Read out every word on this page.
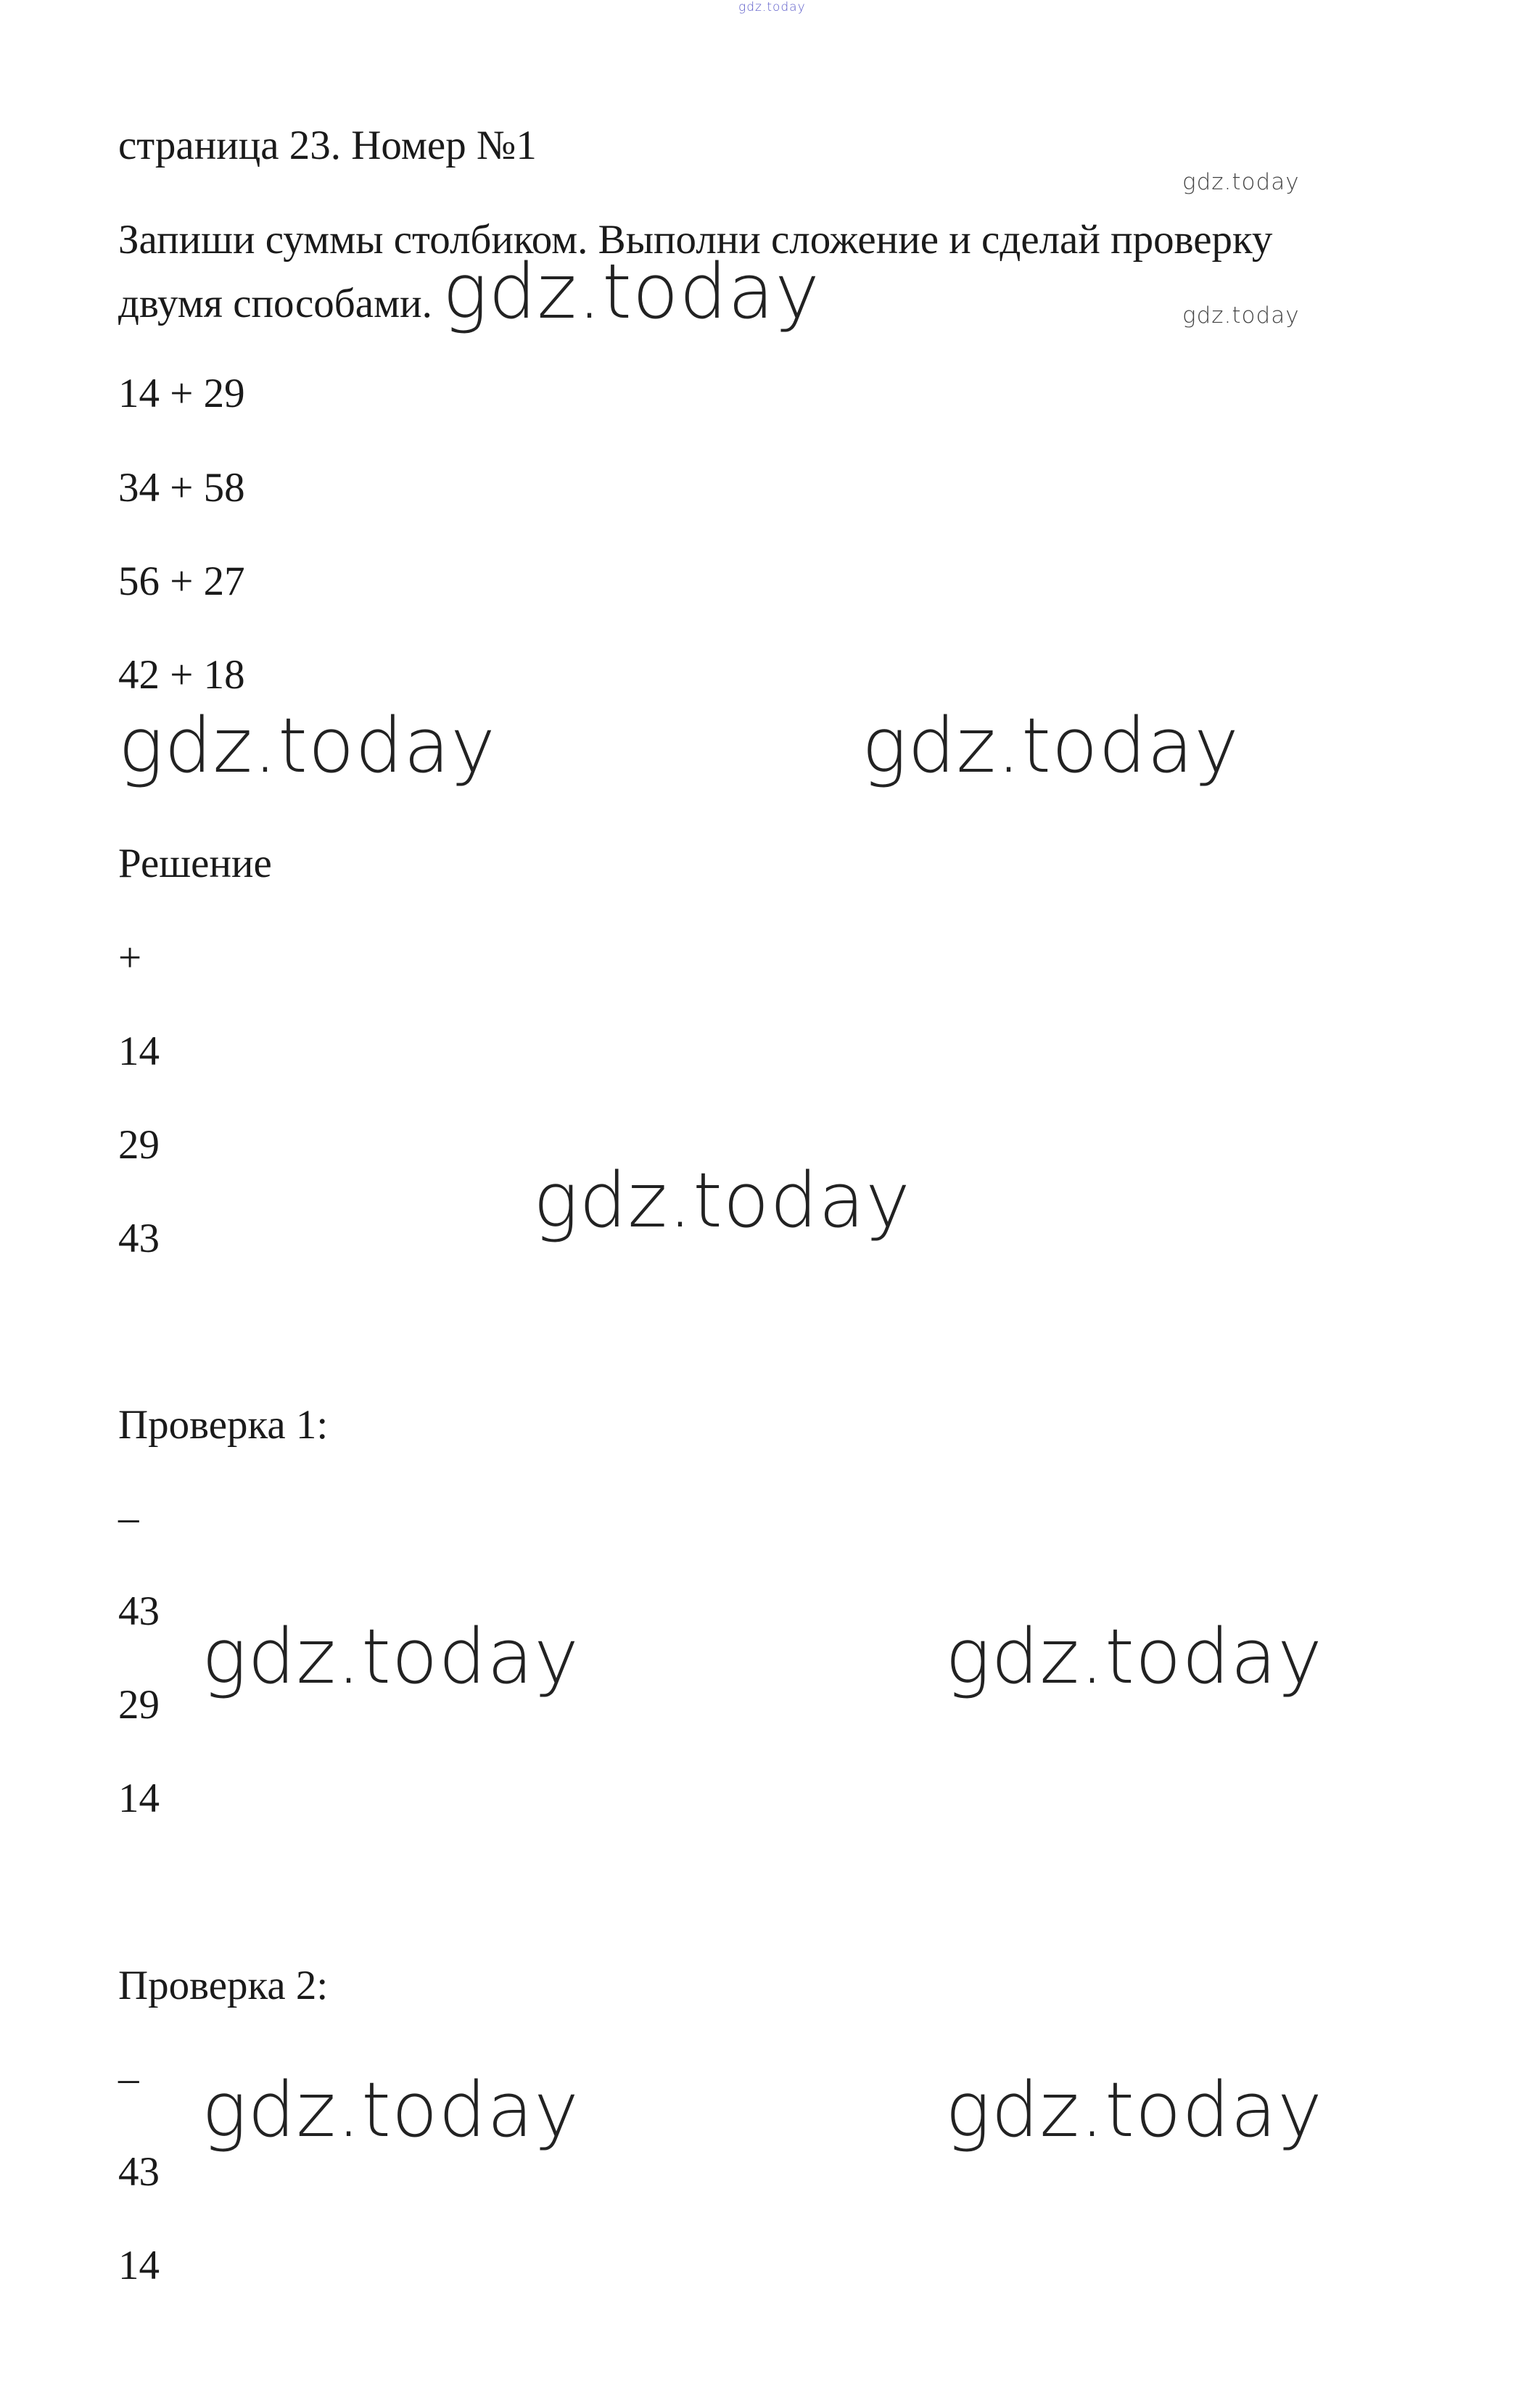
gdz.today
страница 23. Номер №1
gdz.today
Запиши суммы столбиком. Выполни сложение и сделай проверку
двумя способами. gdz.today	gdz.today
14 + 29
34 + 58
56 + 27
42 + 18
gdz.today	gdz.today
Решение
+
14
29
43	gdz.today
Проверка 1:
–
43
29
14
gdz.today	gdz.today
Проверка 2:
–
43
14
gdz.today	gdz.today
